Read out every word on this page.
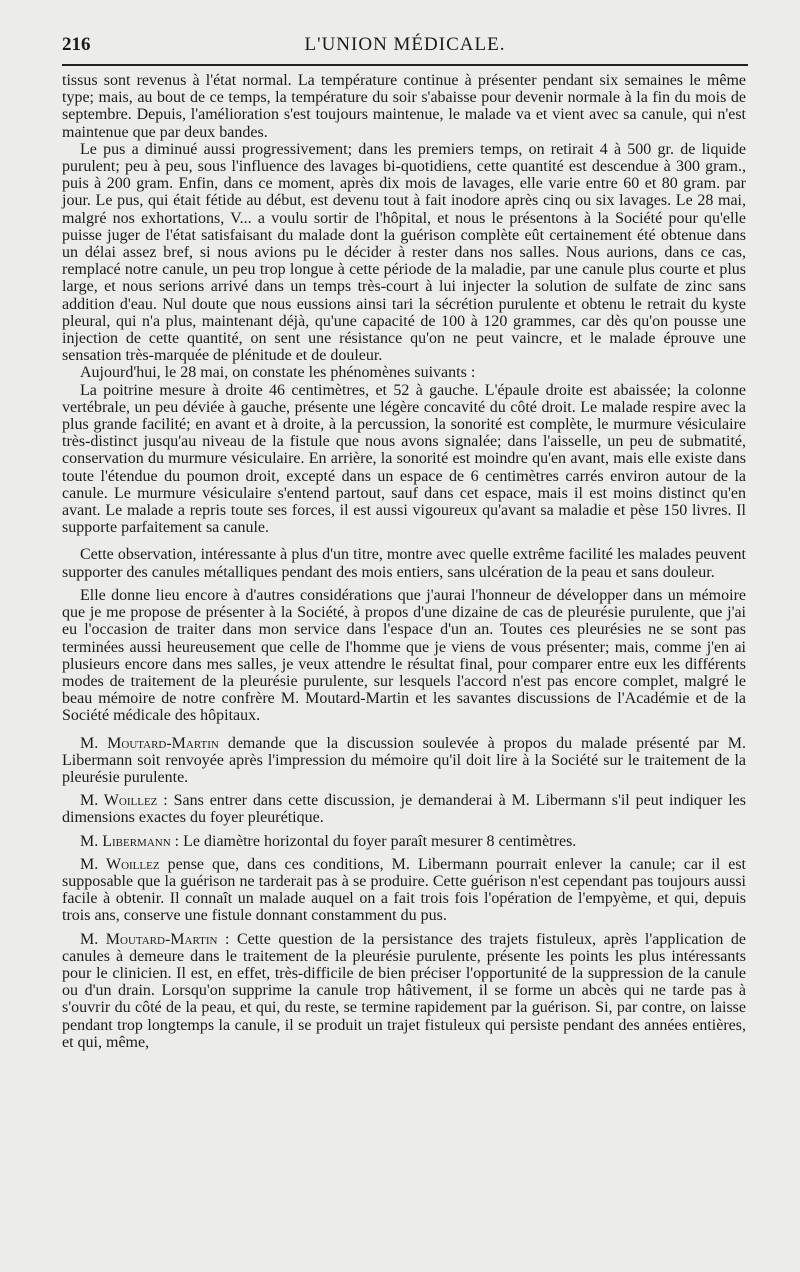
216	L'UNION MÉDICALE.

tissus sont revenus à l'état normal. La température continue à présenter pendant six semaines le même type; mais, au bout de ce temps, la température du soir s'abaisse pour devenir normale à la fin du mois de septembre. Depuis, l'amélioration s'est toujours maintenue, le malade va et vient avec sa canule, qui n'est maintenue que par deux bandes.

Le pus a diminué aussi progressivement; dans les premiers temps, on retirait 4 à 500 gr. de liquide purulent; peu à peu, sous l'influence des lavages bi-quotidiens, cette quantité est descendue à 300 gram., puis à 200 gram. Enfin, dans ce moment, après dix mois de lavages, elle varie entre 60 et 80 gram. par jour. Le pus, qui était fétide au début, est devenu tout à fait inodore après cinq ou six lavages. Le 28 mai, malgré nos exhortations, V... a voulu sortir de l'hôpital, et nous le présentons à la Société pour qu'elle puisse juger de l'état satisfaisant du malade dont la guérison complète eût certainement été obtenue dans un délai assez bref, si nous avions pu le décider à rester dans nos salles. Nous aurions, dans ce cas, remplacé notre canule, un peu trop longue à cette période de la maladie, par une canule plus courte et plus large, et nous serions arrivé dans un temps très-court à lui injecter la solution de sulfate de zinc sans addition d'eau. Nul doute que nous eussions ainsi tari la sécrétion purulente et obtenu le retrait du kyste pleural, qui n'a plus, maintenant déjà, qu'une capacité de 100 à 120 grammes, car dès qu'on pousse une injection de cette quantité, on sent une résistance qu'on ne peut vaincre, et le malade éprouve une sensation très-marquée de plénitude et de douleur.

Aujourd'hui, le 28 mai, on constate les phénomènes suivants :

La poitrine mesure à droite 46 centimètres, et 52 à gauche. L'épaule droite est abaissée; la colonne vertébrale, un peu déviée à gauche, présente une légère concavité du côté droit. Le malade respire avec la plus grande facilité; en avant et à droite, à la percussion, la sonorité est complète, le murmure vésiculaire très-distinct jusqu'au niveau de la fistule que nous avons signalée; dans l'aisselle, un peu de submatité, conservation du murmure vésiculaire. En arrière, la sonorité est moindre qu'en avant, mais elle existe dans toute l'étendue du poumon droit, excepté dans un espace de 6 centimètres carrés environ autour de la canule. Le murmure vésiculaire s'entend partout, sauf dans cet espace, mais il est moins distinct qu'en avant. Le malade a repris toute ses forces, il est aussi vigoureux qu'avant sa maladie et pèse 150 livres. Il supporte parfaitement sa canule.

Cette observation, intéressante à plus d'un titre, montre avec quelle extrême facilité les malades peuvent supporter des canules métalliques pendant des mois entiers, sans ulcération de la peau et sans douleur.

Elle donne lieu encore à d'autres considérations que j'aurai l'honneur de développer dans un mémoire que je me propose de présenter à la Société, à propos d'une dizaine de cas de pleurésie purulente, que j'ai eu l'occasion de traiter dans mon service dans l'espace d'un an. Toutes ces pleurésies ne se sont pas terminées aussi heureusement que celle de l'homme que je viens de vous présenter; mais, comme j'en ai plusieurs encore dans mes salles, je veux attendre le résultat final, pour comparer entre eux les différents modes de traitement de la pleurésie purulente, sur lesquels l'accord n'est pas encore complet, malgré le beau mémoire de notre confrère M. Moutard-Martin et les savantes discussions de l'Académie et de la Société médicale des hôpitaux.

M. Moutard-Martin demande que la discussion soulevée à propos du malade présenté par M. Libermann soit renvoyée après l'impression du mémoire qu'il doit lire à la Société sur le traitement de la pleurésie purulente.

M. Woillez : Sans entrer dans cette discussion, je demanderai à M. Libermann s'il peut indiquer les dimensions exactes du foyer pleurétique.

M. Libermann : Le diamètre horizontal du foyer paraît mesurer 8 centimètres.

M. Woillez pense que, dans ces conditions, M. Libermann pourrait enlever la canule; car il est supposable que la guérison ne tarderait pas à se produire. Cette guérison n'est cependant pas toujours aussi facile à obtenir. Il connaît un malade auquel on a fait trois fois l'opération de l'empyème, et qui, depuis trois ans, conserve une fistule donnant constamment du pus.

M. Moutard-Martin : Cette question de la persistance des trajets fistuleux, après l'application de canules à demeure dans le traitement de la pleurésie purulente, présente les points les plus intéressants pour le clinicien. Il est, en effet, très-difficile de bien préciser l'opportunité de la suppression de la canule ou d'un drain. Lorsqu'on supprime la canule trop hâtivement, il se forme un abcès qui ne tarde pas à s'ouvrir du côté de la peau, et qui, du reste, se termine rapidement par la guérison. Si, par contre, on laisse pendant trop longtemps la canule, il se produit un trajet fistuleux qui persiste pendant des années entières, et qui, même,
